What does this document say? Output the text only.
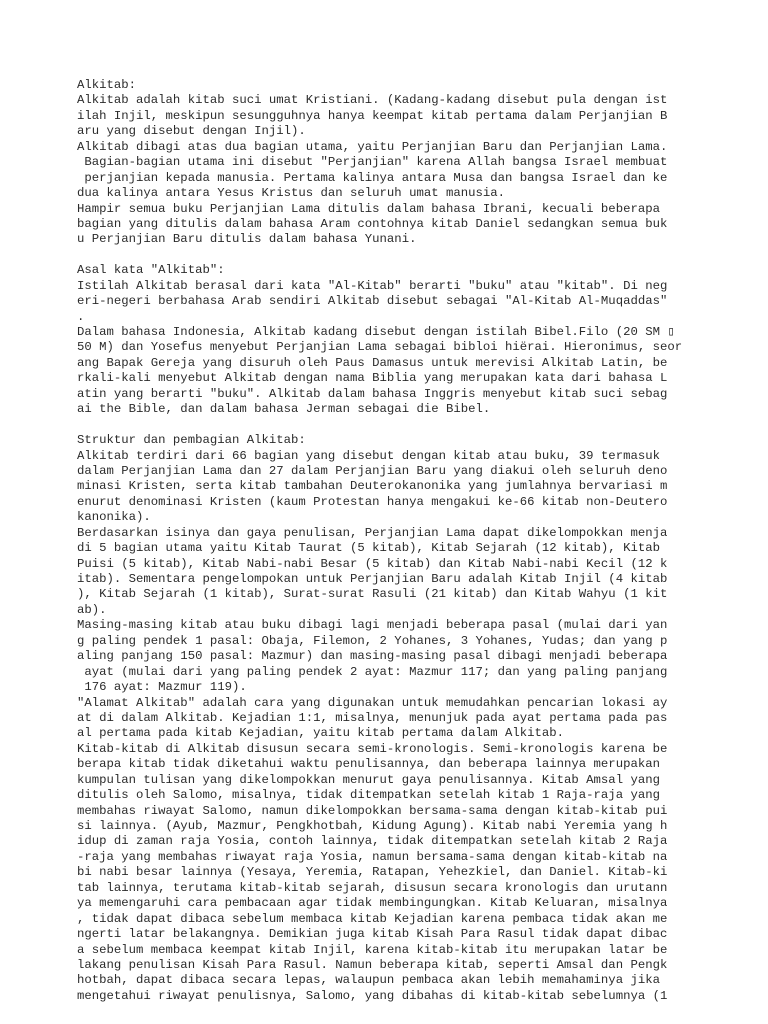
Alkitab:
Alkitab adalah kitab suci umat Kristiani. (Kadang-kadang disebut pula dengan ist
ilah Injil, meskipun sesungguhnya hanya keempat kitab pertama dalam Perjanjian B
aru yang disebut dengan Injil).
Alkitab dibagi atas dua bagian utama, yaitu Perjanjian Baru dan Perjanjian Lama.
Bagian-bagian utama ini disebut "Perjanjian" karena Allah bangsa Israel membuat
perjanjian kepada manusia. Pertama kalinya antara Musa dan bangsa Israel dan ke
dua kalinya antara Yesus Kristus dan seluruh umat manusia.
Hampir semua buku Perjanjian Lama ditulis dalam bahasa Ibrani, kecuali beberapa
bagian yang ditulis dalam bahasa Aram contohnya kitab Daniel sedangkan semua buk
u Perjanjian Baru ditulis dalam bahasa Yunani.
Asal kata "Alkitab":
Istilah Alkitab berasal dari kata "Al-Kitab" berarti "buku" atau "kitab". Di neg
eri-negeri berbahasa Arab sendiri Alkitab disebut sebagai "Al-Kitab Al-Muqaddas"
.
Dalam bahasa Indonesia, Alkitab kadang disebut dengan istilah Bibel.Filo (20 SM ▯
50 M) dan Yosefus menyebut Perjanjian Lama sebagai bibloi hiërai. Hieronimus, seor
ang Bapak Gereja yang disuruh oleh Paus Damasus untuk merevisi Alkitab Latin, be
rkali-kali menyebut Alkitab dengan nama Biblia yang merupakan kata dari bahasa L
atin yang berarti "buku". Alkitab dalam bahasa Inggris menyebut kitab suci sebag
ai the Bible, dan dalam bahasa Jerman sebagai die Bibel.
Struktur dan pembagian Alkitab:
Alkitab terdiri dari 66 bagian yang disebut dengan kitab atau buku, 39 termasuk
dalam Perjanjian Lama dan 27 dalam Perjanjian Baru yang diakui oleh seluruh deno
minasi Kristen, serta kitab tambahan Deuterokanonika yang jumlahnya bervariasi m
enurut denominasi Kristen (kaum Protestan hanya mengakui ke-66 kitab non-Deutero
kanonika).
Berdasarkan isinya dan gaya penulisan, Perjanjian Lama dapat dikelompokkan menja
di 5 bagian utama yaitu Kitab Taurat (5 kitab), Kitab Sejarah (12 kitab), Kitab
Puisi (5 kitab), Kitab Nabi-nabi Besar (5 kitab) dan Kitab Nabi-nabi Kecil (12 k
itab). Sementara pengelompokan untuk Perjanjian Baru adalah Kitab Injil (4 kitab
), Kitab Sejarah (1 kitab), Surat-surat Rasuli (21 kitab) dan Kitab Wahyu (1 kit
ab).
Masing-masing kitab atau buku dibagi lagi menjadi beberapa pasal (mulai dari yan
g paling pendek 1 pasal: Obaja, Filemon, 2 Yohanes, 3 Yohanes, Yudas; dan yang p
aling panjang 150 pasal: Mazmur) dan masing-masing pasal dibagi menjadi beberapa
ayat (mulai dari yang paling pendek 2 ayat: Mazmur 117; dan yang paling panjang
176 ayat: Mazmur 119).
"Alamat Alkitab" adalah cara yang digunakan untuk memudahkan pencarian lokasi ay
at di dalam Alkitab. Kejadian 1:1, misalnya, menunjuk pada ayat pertama pada pas
al pertama pada kitab Kejadian, yaitu kitab pertama dalam Alkitab.
Kitab-kitab di Alkitab disusun secara semi-kronologis. Semi-kronologis karena be
berapa kitab tidak diketahui waktu penulisannya, dan beberapa lainnya merupakan
kumpulan tulisan yang dikelompokkan menurut gaya penulisannya. Kitab Amsal yang
ditulis oleh Salomo, misalnya, tidak ditempatkan setelah kitab 1 Raja-raja yang
membahas riwayat Salomo, namun dikelompokkan bersama-sama dengan kitab-kitab pui
si lainnya. (Ayub, Mazmur, Pengkhotbah, Kidung Agung). Kitab nabi Yeremia yang h
idup di zaman raja Yosia, contoh lainnya, tidak ditempatkan setelah kitab 2 Raja
-raja yang membahas riwayat raja Yosia, namun bersama-sama dengan kitab-kitab na
bi nabi besar lainnya (Yesaya, Yeremia, Ratapan, Yehezkiel, dan Daniel. Kitab-ki
tab lainnya, terutama kitab-kitab sejarah, disusun secara kronologis dan urutann
ya memengaruhi cara pembacaan agar tidak membingungkan. Kitab Keluaran, misalnya
, tidak dapat dibaca sebelum membaca kitab Kejadian karena pembaca tidak akan me
ngerti latar belakangnya. Demikian juga kitab Kisah Para Rasul tidak dapat dibac
a sebelum membaca keempat kitab Injil, karena kitab-kitab itu merupakan latar be
lakang penulisan Kisah Para Rasul. Namun beberapa kitab, seperti Amsal dan Pengk
hotbah, dapat dibaca secara lepas, walaupun pembaca akan lebih memahaminya jika
mengetahui riwayat penulisnya, Salomo, yang dibahas di kitab-kitab sebelumnya (1
